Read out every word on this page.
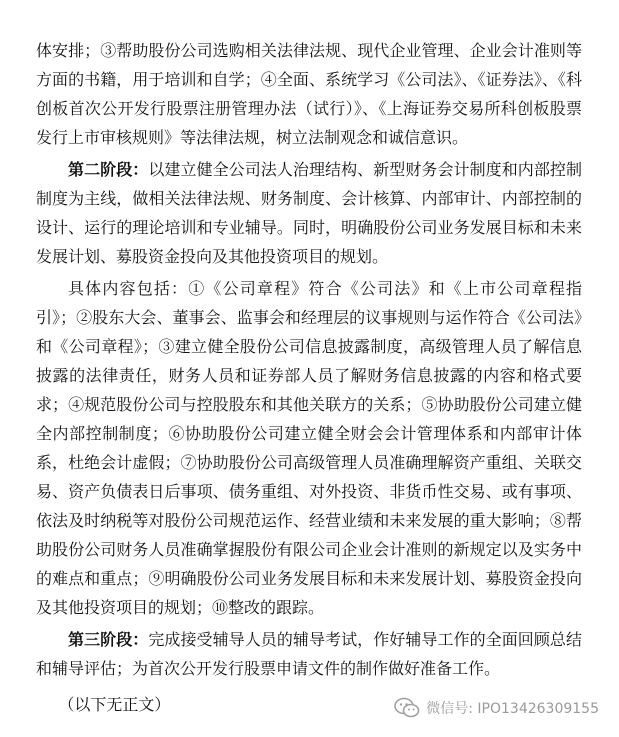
体安排；③帮助股份公司选购相关法律法规、现代企业管理、企业会计准则等方面的书籍，用于培训和自学；④全面、系统学习《公司法》、《证券法》、《科创板首次公开发行股票注册管理办法（试行）》、《上海证券交易所科创板股票发行上市审核规则》等法律法规，树立法制观念和诚信意识。

第二阶段：以建立健全公司法人治理结构、新型财务会计制度和内部控制制度为主线，做相关法律法规、财务制度、会计核算、内部审计、内部控制的设计、运行的理论培训和专业辅导。同时，明确股份公司业务发展目标和未来发展计划、募股资金投向及其他投资项目的规划。

具体内容包括：①《公司章程》符合《公司法》和《上市公司章程指引》；②股东大会、董事会、监事会和经理层的议事规则与运作符合《公司法》和《公司章程》；③建立健全股份公司信息披露制度，高级管理人员了解信息披露的法律责任，财务人员和证券部人员了解财务信息披露的内容和格式要求；④规范股份公司与控股股东和其他关联方的关系；⑤协助股份公司建立健全内部控制制度；⑥协助股份公司建立健全财会会计管理体系和内部审计体系，杜绝会计虚假；⑦协助股份公司高级管理人员准确理解资产重组、关联交易、资产负债表日后事项、债务重组、对外投资、非货币性交易、或有事项、依法及时纳税等对股份公司规范运作、经营业绩和未来发展的重大影响；⑧帮助股份公司财务人员准确掌握股份有限公司企业会计准则的新规定以及实务中的难点和重点；⑨明确股份公司业务发展目标和未来发展计划、募股资金投向及其他投资项目的规划；⑩整改的跟踪。

第三阶段：完成接受辅导人员的辅导考试，作好辅导工作的全面回顾总结和辅导评估；为首次公开发行股票申请文件的制作做好准备工作。

（以下无正文）	微信号: IPO13426309155
